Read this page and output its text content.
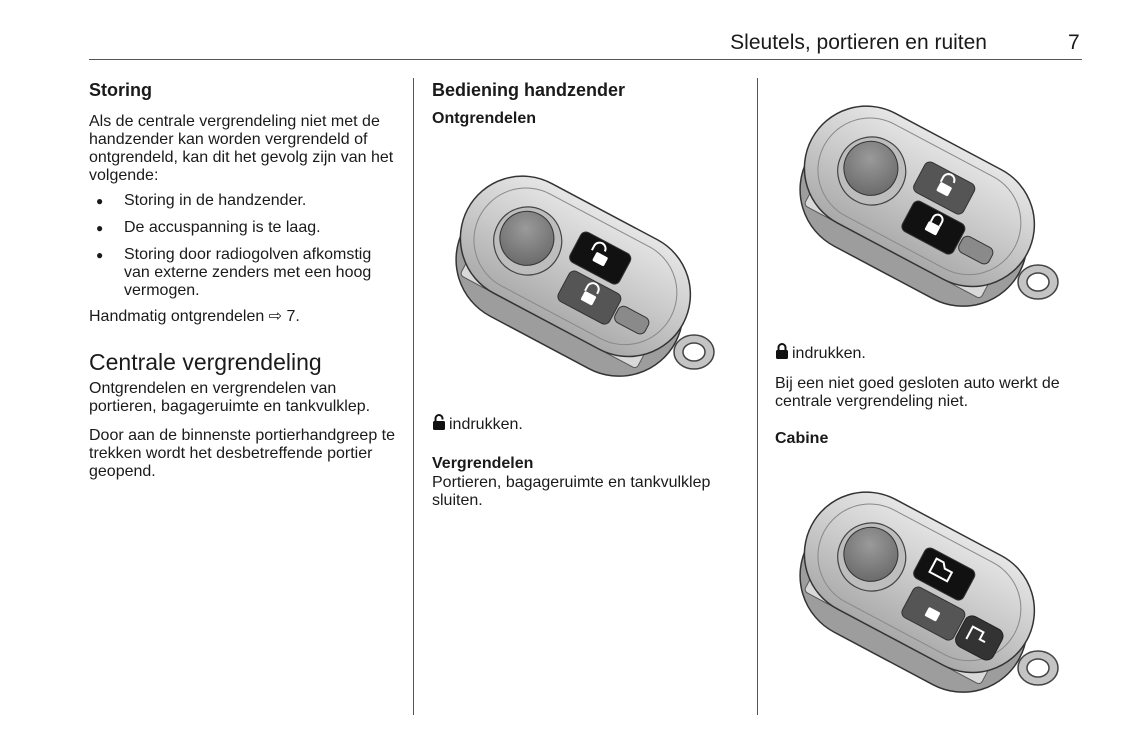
Sleutels, portieren en ruiten	7
Storing

Als de centrale vergrendeling niet met de handzender kan worden vergrendeld of ontgrendeld, kan dit het gevolg zijn van het volgende:

● Storing in de handzender.
● De accuspanning is te laag.
● Storing door radiogolven afkomstig van externe zenders met een hoog vermogen.

Handmatig ontgrendelen ⇨ 7.

Centrale vergrendeling

Ontgrendelen en vergrendelen van portieren, bagageruimte en tankvulklep.

Door aan de binnenste portierhandgreep te trekken wordt het desbetreffende portier geopend.

Bediening handzender
Ontgrendelen

indrukken.

Vergrendelen

Portieren, bagageruimte en tankvulklep sluiten.

indrukken.

Bij een niet goed gesloten auto werkt de centrale vergrendeling niet.

Cabine
